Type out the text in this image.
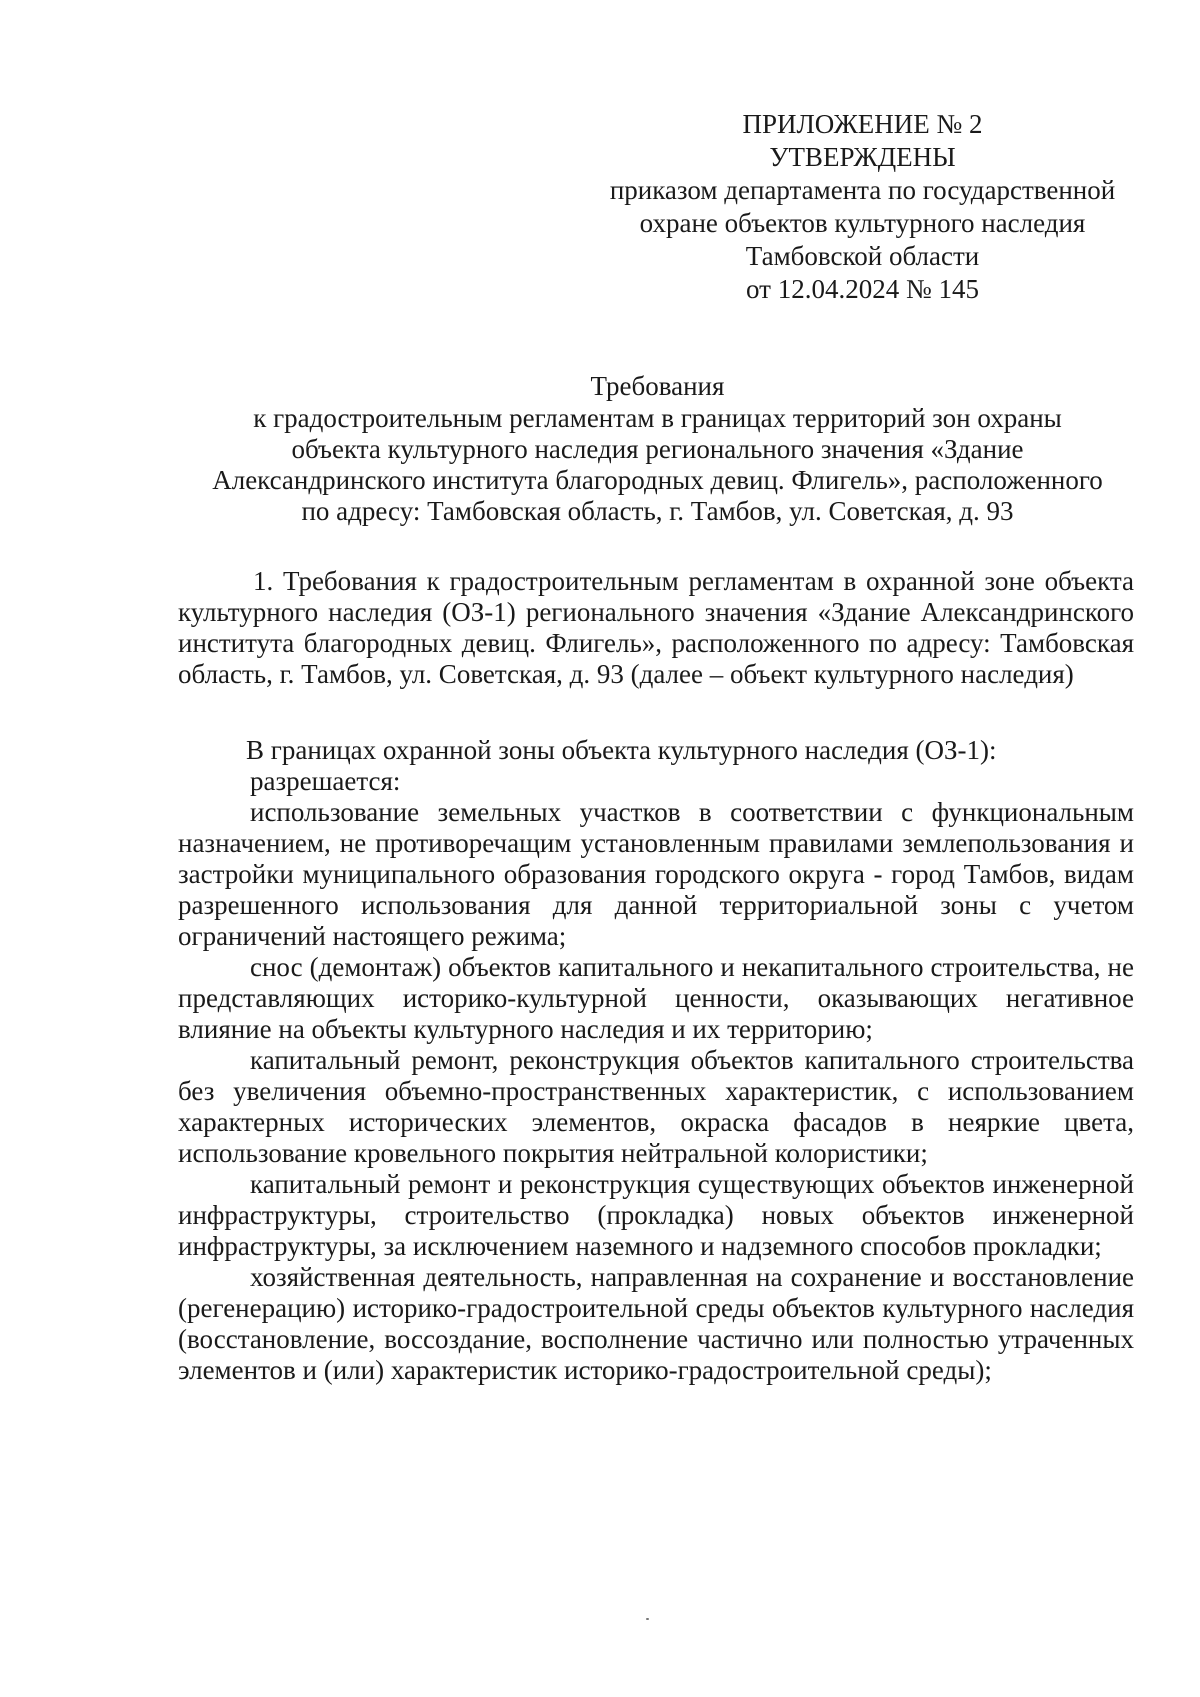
ПРИЛОЖЕНИЕ № 2
УТВЕРЖДЕНЫ
приказом департамента по государственной
охране объектов культурного наследия
Тамбовской области
от 12.04.2024 № 145
Требования
к градостроительным регламентам в границах территорий зон охраны
объекта культурного наследия регионального значения «Здание
Александринского института благородных девиц. Флигель», расположенного
по адресу: Тамбовская область, г. Тамбов, ул. Советская, д. 93

1. Требования к градостроительным регламентам в охранной зоне объекта культурного наследия (ОЗ-1) регионального значения «Здание Александринского института благородных девиц. Флигель», расположенного по адресу: Тамбовская область, г. Тамбов, ул. Советская, д. 93 (далее – объект культурного наследия)

В границах охранной зоны объекта культурного наследия (ОЗ-1):

разрешается:

использование земельных участков в соответствии с функциональным назначением, не противоречащим установленным правилами землепользования и застройки муниципального образования городского округа - город Тамбов, видам разрешенного использования для данной территориальной зоны с учетом ограничений настоящего режима;

снос (демонтаж) объектов капитального и некапитального строительства, не представляющих историко-культурной ценности, оказывающих негативное влияние на объекты культурного наследия и их территорию;

капитальный ремонт, реконструкция объектов капитального строительства без увеличения объемно-пространственных характеристик, с использованием характерных исторических элементов, окраска фасадов в неяркие цвета, использование кровельного покрытия нейтральной колористики;

капитальный ремонт и реконструкция существующих объектов инженерной инфраструктуры, строительство (прокладка) новых объектов инженерной инфраструктуры, за исключением наземного и надземного способов прокладки;

хозяйственная деятельность, направленная на сохранение и восстановление (регенерацию) историко-градостроительной среды объектов культурного наследия (восстановление, воссоздание, восполнение частично или полностью утраченных элементов и (или) характеристик историко-градостроительной среды);
